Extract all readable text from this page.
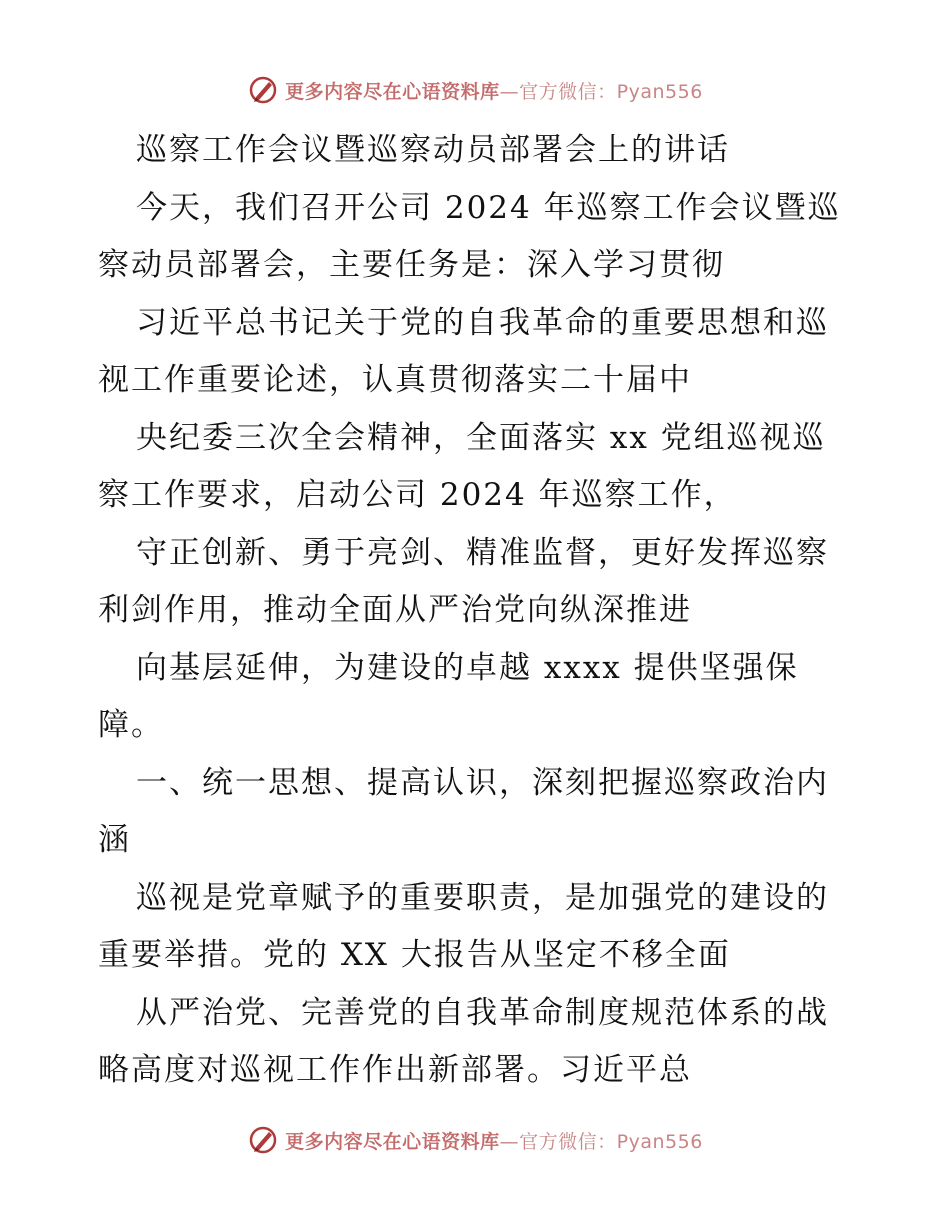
更多内容尽在心语资料库—官方微信：Pyan556
巡察工作会议暨巡察动员部署会上的讲话
今天，我们召开公司 2024 年巡察工作会议暨巡
察动员部署会，主要任务是：深入学习贯彻
习近平总书记关于党的自我革命的重要思想和巡
视工作重要论述，认真贯彻落实二十届中
央纪委三次全会精神，全面落实 xx 党组巡视巡
察工作要求，启动公司 2024 年巡察工作，
守正创新、勇于亮剑、精准监督，更好发挥巡察
利剑作用，推动全面从严治党向纵深推进
向基层延伸，为建设的卓越 xxxx 提供坚强保
障。
一、统一思想、提高认识，深刻把握巡察政治内
涵
巡视是党章赋予的重要职责，是加强党的建设的
重要举措。党的 XX 大报告从坚定不移全面
从严治党、完善党的自我革命制度规范体系的战
略高度对巡视工作作出新部署。习近平总
更多内容尽在心语资料库—官方微信：Pyan556
